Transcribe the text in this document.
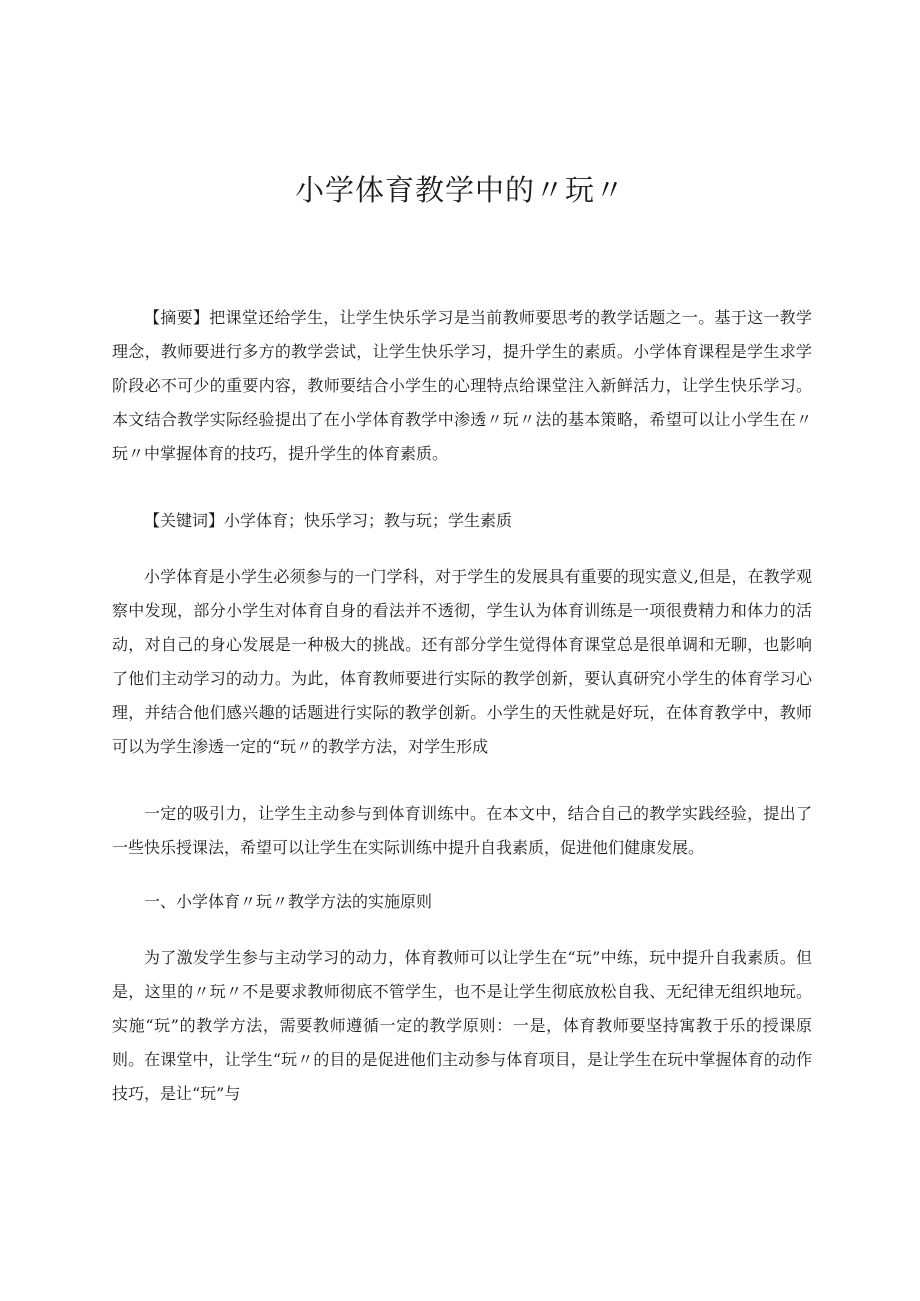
小学体育教学中的〃玩〃

【摘要】把课堂还给学生，让学生快乐学习是当前教师要思考的教学话题之一。基于这一教学理念，教师要进行多方的教学尝试，让学生快乐学习，提升学生的素质。小学体育课程是学生求学阶段必不可少的重要内容，教师要结合小学生的心理特点给课堂注入新鲜活力，让学生快乐学习。本文结合教学实际经验提出了在小学体育教学中渗透〃玩〃法的基本策略，希望可以让小学生在〃玩〃中掌握体育的技巧，提升学生的体育素质。

【关键词】小学体育；快乐学习；教与玩；学生素质

小学体育是小学生必须参与的一门学科，对于学生的发展具有重要的现实意义,但是，在教学观察中发现，部分小学生对体育自身的看法并不透彻，学生认为体育训练是一项很费精力和体力的活动，对自己的身心发展是一种极大的挑战。还有部分学生觉得体育课堂总是很单调和无聊，也影响了他们主动学习的动力。为此，体育教师要进行实际的教学创新，要认真研究小学生的体育学习心理，并结合他们感兴趣的话题进行实际的教学创新。小学生的天性就是好玩，在体育教学中，教师可以为学生渗透一定的“玩〃的教学方法，对学生形成

一定的吸引力，让学生主动参与到体育训练中。在本文中，结合自己的教学实践经验，提出了一些快乐授课法，希望可以让学生在实际训练中提升自我素质，促进他们健康发展。

一、小学体育〃玩〃教学方法的实施原则

为了激发学生参与主动学习的动力，体育教师可以让学生在“玩”中练，玩中提升自我素质。但是，这里的〃玩〃不是要求教师彻底不管学生，也不是让学生彻底放松自我、无纪律无组织地玩。实施“玩”的教学方法，需要教师遵循一定的教学原则：一是，体育教师要坚持寓教于乐的授课原则。在课堂中，让学生“玩〃的目的是促进他们主动参与体育项目，是让学生在玩中掌握体育的动作技巧，是让“玩”与
